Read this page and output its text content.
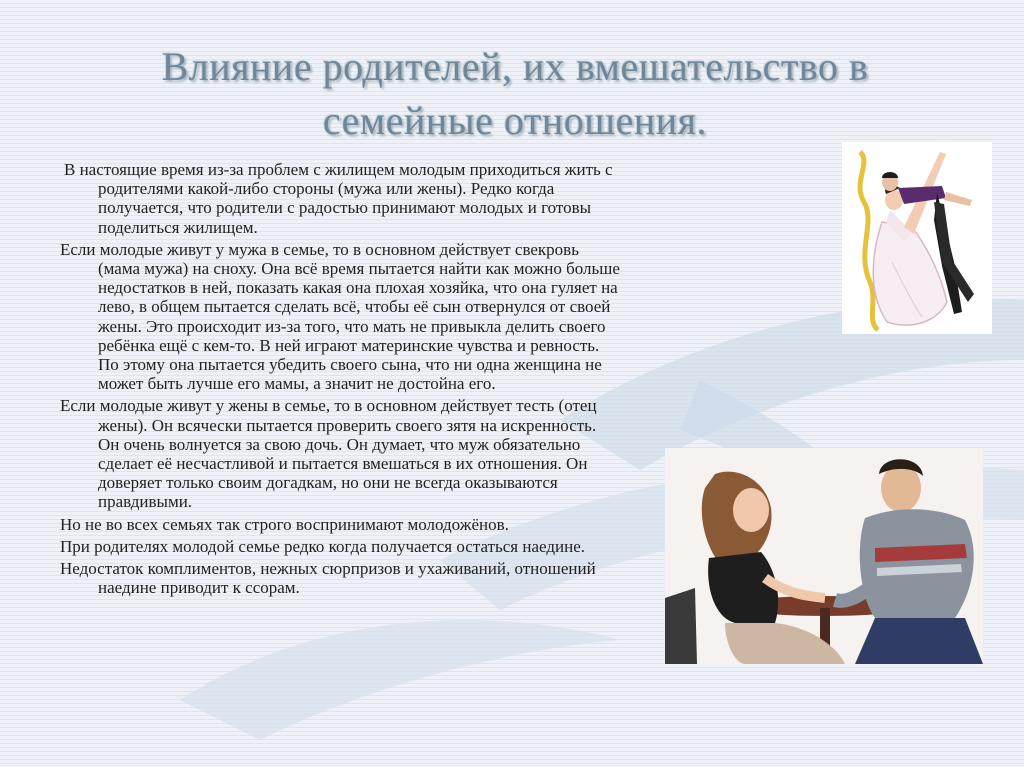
Влияние родителей, их вмешательство в семейные отношения.

В настоящие время из-за проблем с жилищем молодым приходиться жить с родителями какой-либо стороны (мужа или жены). Редко когда получается, что родители с радостью принимают молодых и готовы поделиться жилищем.

Если молодые живут у мужа в семье, то в основном действует свекровь (мама мужа) на сноху. Она всё время пытается найти как можно больше недостатков в ней, показать какая она плохая хозяйка, что она гуляет на лево, в общем пытается сделать всё, чтобы её сын отвернулся от своей жены. Это происходит из-за того, что мать не привыкла делить своего ребёнка ещё с кем-то. В ней играют материнские чувства и ревность. По этому она пытается убедить своего сына, что ни одна женщина не может быть лучше его мамы, а значит не достойна его.

Если молодые живут у жены в семье, то в основном действует тесть (отец жены). Он всячески пытается проверить своего зятя на искренность. Он очень волнуется за свою дочь. Он думает, что муж обязательно сделает её несчастливой и пытается вмешаться в их отношения. Он доверяет только своим догадкам, но они не всегда оказываются правдивыми.

Но не во всех семьях так строго воспринимают молодожёнов.

При родителях молодой семье редко когда получается остаться наедине.

Недостаток комплиментов, нежных сюрпризов и ухаживаний, отношений наедине приводит к ссорам.
